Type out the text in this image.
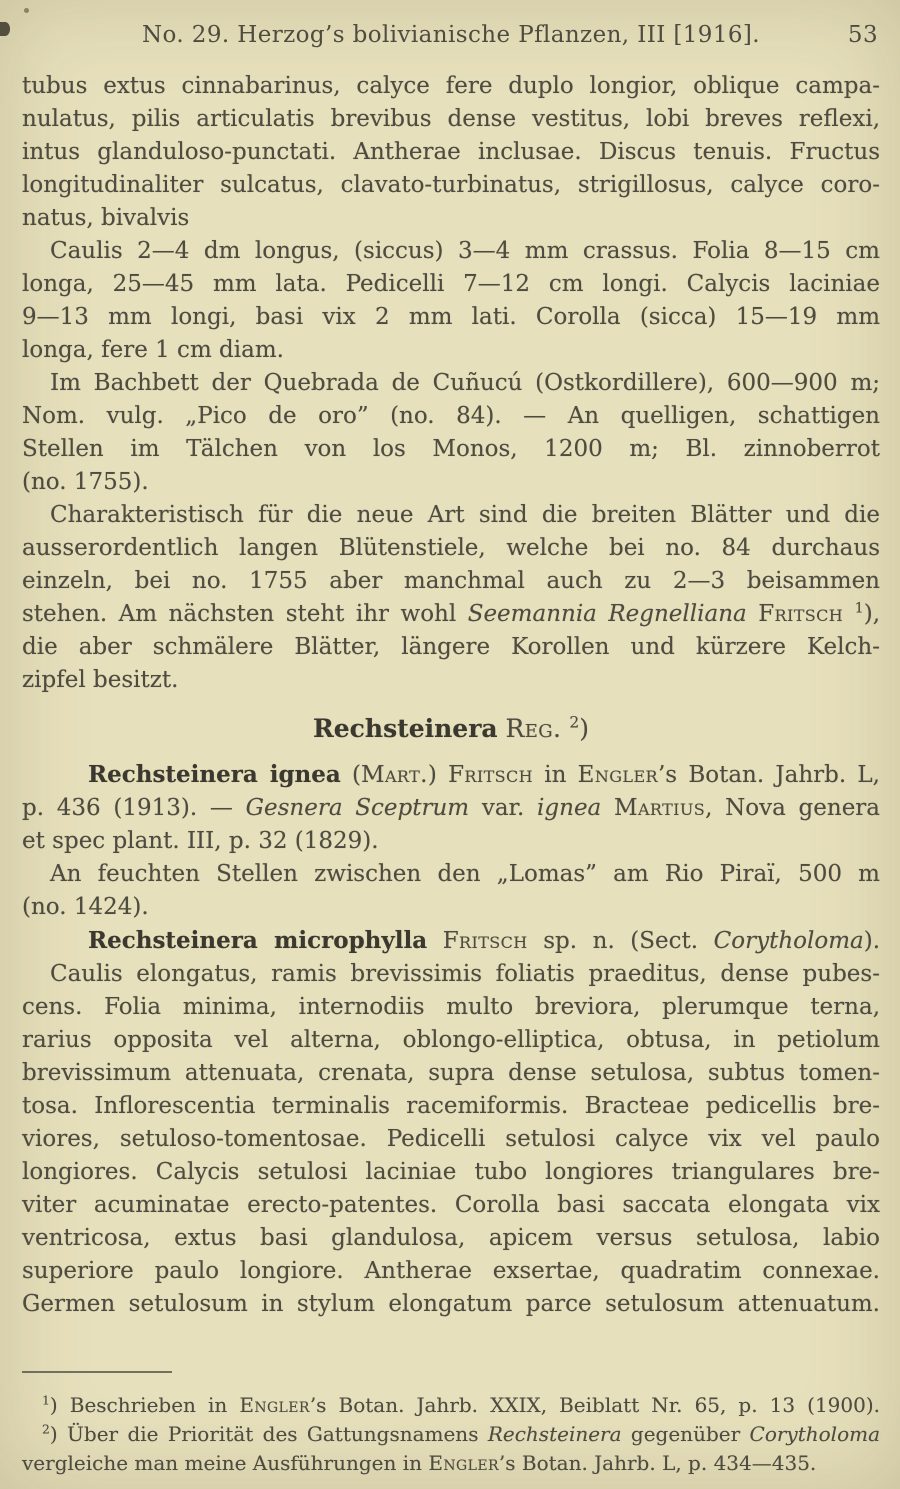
No. 29. Herzog’s bolivianische Pflanzen, III [1916].	53
tubus extus cinnabarinus, calyce fere duplo longior, oblique campa-
nulatus, pilis articulatis brevibus dense vestitus, lobi breves reflexi,
intus glanduloso-punctati. Antherae inclusae. Discus tenuis. Fructus
longitudinaliter sulcatus, clavato-turbinatus, strigillosus, calyce coro-
natus, bivalvis
Caulis 2—4 dm longus, (siccus) 3—4 mm crassus. Folia 8—15 cm
longa, 25—45 mm lata. Pedicelli 7—12 cm longi. Calycis laciniae
9—13 mm longi, basi vix 2 mm lati. Corolla (sicca) 15—19 mm
longa, fere 1 cm diam.
Im Bachbett der Quebrada de Cuñucú (Ostkordillere), 600—900 m;
Nom. vulg. „Pico de oro” (no. 84). — An quelligen, schattigen
Stellen im Tälchen von los Monos, 1200 m; Bl. zinnoberrot
(no. 1755).
Charakteristisch für die neue Art sind die breiten Blätter und die
ausserordentlich langen Blütenstiele, welche bei no. 84 durchaus
einzeln, bei no. 1755 aber manchmal auch zu 2—3 beisammen
stehen. Am nächsten steht ihr wohl Seemannia Regnelliana Fritsch $^1$),
die aber schmälere Blätter, längere Korollen und kürzere Kelch-
zipfel besitzt.
Rechsteinera Reg. $^2$)
Rechsteinera ignea (Mart.) Fritsch in Engler’s Botan. Jahrb. L,
p. 436 (1913). — Gesnera Sceptrum var. ignea Martius, Nova genera
et spec plant. III, p. 32 (1829).
An feuchten Stellen zwischen den „Lomas” am Rio Piraï, 500 m
(no. 1424).
Rechsteinera microphylla Fritsch sp. n. (Sect. Corytholoma).
Caulis elongatus, ramis brevissimis foliatis praeditus, dense pubes-
cens. Folia minima, internodiis multo breviora, plerumque terna,
rarius opposita vel alterna, oblongo-elliptica, obtusa, in petiolum
brevissimum attenuata, crenata, supra dense setulosa, subtus tomen-
tosa. Inflorescentia terminalis racemiformis. Bracteae pedicellis bre-
viores, setuloso-tomentosae. Pedicelli setulosi calyce vix vel paulo
longiores. Calycis setulosi laciniae tubo longiores triangulares bre-
viter acuminatae erecto-patentes. Corolla basi saccata elongata vix
ventricosa, extus basi glandulosa, apicem versus setulosa, labio
superiore paulo longiore. Antherae exsertae, quadratim connexae.
Germen setulosum in stylum elongatum parce setulosum attenuatum.
$^1$) Beschrieben in Engler’s Botan. Jahrb. XXIX, Beiblatt Nr. 65, p. 13 (1900).
$^2$) Über die Priorität des Gattungsnamens Rechsteinera gegenüber Corytholoma
vergleiche man meine Ausführungen in Engler’s Botan. Jahrb. L, p. 434—435.
